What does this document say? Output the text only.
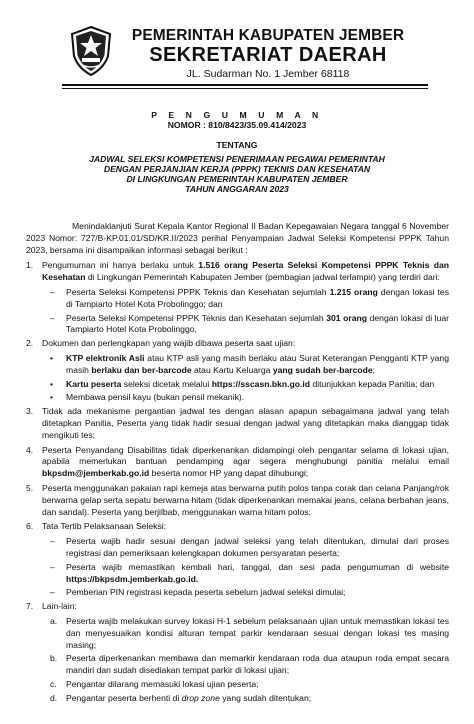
PEMERINTAH KABUPATEN JEMBER
SEKRETARIAT DAERAH
JL. Sudarman No. 1 Jember 68118
P E N G U M U M A N
NOMOR : 810/8423/35.09.414/2023
TENTANG
JADWAL SELEKSI KOMPETENSI PENERIMAAN PEGAWAI PEMERINTAH
DENGAN PERJANJIAN KERJA (PPPK) TEKNIS DAN KESEHATAN
DI LINGKUNGAN PEMERINTAH KABUPATEN JEMBER
TAHUN ANGGARAN 2023

Menindaklanjuti Surat Kepala Kantor Regional II Badan Kepegawaian Negara tanggal 6 November 2023 Nomor: 727/B-KP.01.01/SD/KR.II/2023 perihal Penyampaian Jadwal Seleksi Kompetensi PPPK Tahun 2023, bersama ini disampaikan informasi sebagai berikut :

1. Pengumuman ini hanya berlaku untuk 1.516 orang Peserta Seleksi Kompetensi PPPK Teknis dan Kesehatan di Lingkungan Pemerintah Kabupaten Jember (pembagian jadwal terlampir) yang terdiri dari:
– Peserta Seleksi Kompetensi PPPK Teknis dan Kesehatan sejumlah 1.215 orang dengan lokasi tes di Tampiarto Hotel Kota Probolinggo; dan
– Peserta Seleksi Kompetensi PPPK Teknis dan Kesehatan sejumlah 301 orang dengan lokasi di luar Tampiarto Hotel Kota Probolinggo,
2. Dokumen dan perlengkapan yang wajib dibawa peserta saat ujian:
• KTP elektronik Asli atau KTP asli yang masih berlaku atau Surat Keterangan Pengganti KTP yang masih berlaku dan ber-barcode atau Kartu Keluarga yang sudah ber-barcode;
• Kartu peserta seleksi dicetak melalui https://sscasn.bkn.go.id ditunjukkan kepada Panitia; dan
• Membawa pensil kayu (bukan pensil mekanik).
3. Tidak ada mekanisme pergantian jadwal tes dengan alasan apapun sebagaimana jadwal yang telah ditetapkan Panitia, Peserta yang tidak hadir sesuai dengan jadwal yang ditetapkan maka dianggap tidak mengikuti tes;
4. Peserta Penyandang Disabilitas tidak diperkenankan didampingi oleh pengantar selama di lokasi ujian, apabila memerlukan bantuan pendamping agar segera menghubungi panitia melalui email bkpsdm@jemberkab.go.id beserta nomor HP yang dapat dihubungi;
5. Peserta menggunakan pakaian rapi kemeja atas berwarna putih polos tanpa corak dan celana Panjang/rok berwarna gelap serta sepatu berwarna hitam (tidak diperkenankan memakai jeans, celana berbahan jeans, dan sandal). Peserta yang berjilbab, menggunakan warna hitam polos;
6. Tata Tertib Pelaksanaan Seleksi:
– Peserta wajib hadir sesuai dengan jadwal seleksi yang telah ditentukan, dimulai dari proses registrasi dan pemeriksaan kelengkapan dokumen persyaratan peserta;
– Peserta wajib memastikan kembali hari, tanggal, dan sesi pada pengumuman di website https://bkpsdm.jemberkab.go.id.
– Pemberian PIN registrasi kepada peserta sebelum jadwal seleksi dimulai;
7. Lain-lain:
a. Peserta wajib melakukan survey lokasi H-1 sebelum pelaksanaan ujian untuk memastikan lokasi tes dan menyesuaikan kondisi alturan tempat parkir kendaraan sesuai dengan lokasi tes masing masing;
b. Peserta diperkenankan membawa dan memarkir kendaraan roda dua ataupun roda empat secara mandiri dan sudah disediakan tempat parkir di lokasi ujian;
c. Pengantar dilarang memasuki lokasi ujian peserta;
d. Pengantar peserta berhenti di drop zone yang sudah ditentukan;
